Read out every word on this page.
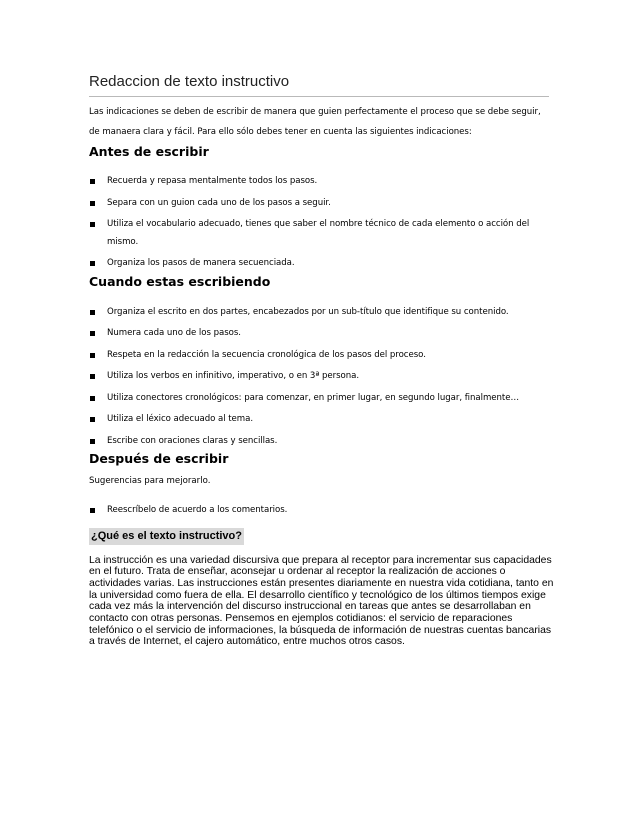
Redaccion de texto instructivo

Las indicaciones se deben de escribir de manera que guien perfectamente el proceso que se debe seguir, de manaera clara y fácil. Para ello sólo debes tener en cuenta las siguientes indicaciones:

Antes de escribir
Recuerda y repasa mentalmente todos los pasos.
Separa con un guion cada uno de los pasos a seguir.
Utiliza el vocabulario adecuado, tienes que saber el nombre técnico de cada elemento o acción del mismo.
Organiza los pasos de manera secuenciada.
Cuando estas escribiendo
Organiza el escrito en dos partes, encabezados por un sub-título que identifique su contenido.
Numera cada uno de los pasos.
Respeta en la redacción la secuencia cronológica de los pasos del proceso.
Utiliza los verbos en infinitivo, imperativo, o en 3ª persona.
Utiliza conectores cronológicos: para comenzar, en primer lugar, en segundo lugar, finalmente…
Utiliza el léxico adecuado al tema.
Escribe con oraciones claras y sencillas.
Después de escribir

Sugerencias para mejorarlo.

Reescríbelo de acuerdo a los comentarios.
¿Qué es el texto instructivo?

La instrucción es una variedad discursiva que prepara al receptor para incrementar sus capacidades en el futuro. Trata de enseñar, aconsejar u ordenar al receptor la realización de acciones o actividades varias. Las instrucciones están presentes diariamente en nuestra vida cotidiana, tanto en la universidad como fuera de ella. El desarrollo científico y tecnológico de los últimos tiempos exige cada vez más la intervención del discurso instruccional en tareas que antes se desarrollaban en contacto con otras personas. Pensemos en ejemplos cotidianos: el servicio de reparaciones telefónico o el servicio de informaciones, la búsqueda de información de nuestras cuentas bancarias a través de Internet, el cajero automático, entre muchos otros casos.
